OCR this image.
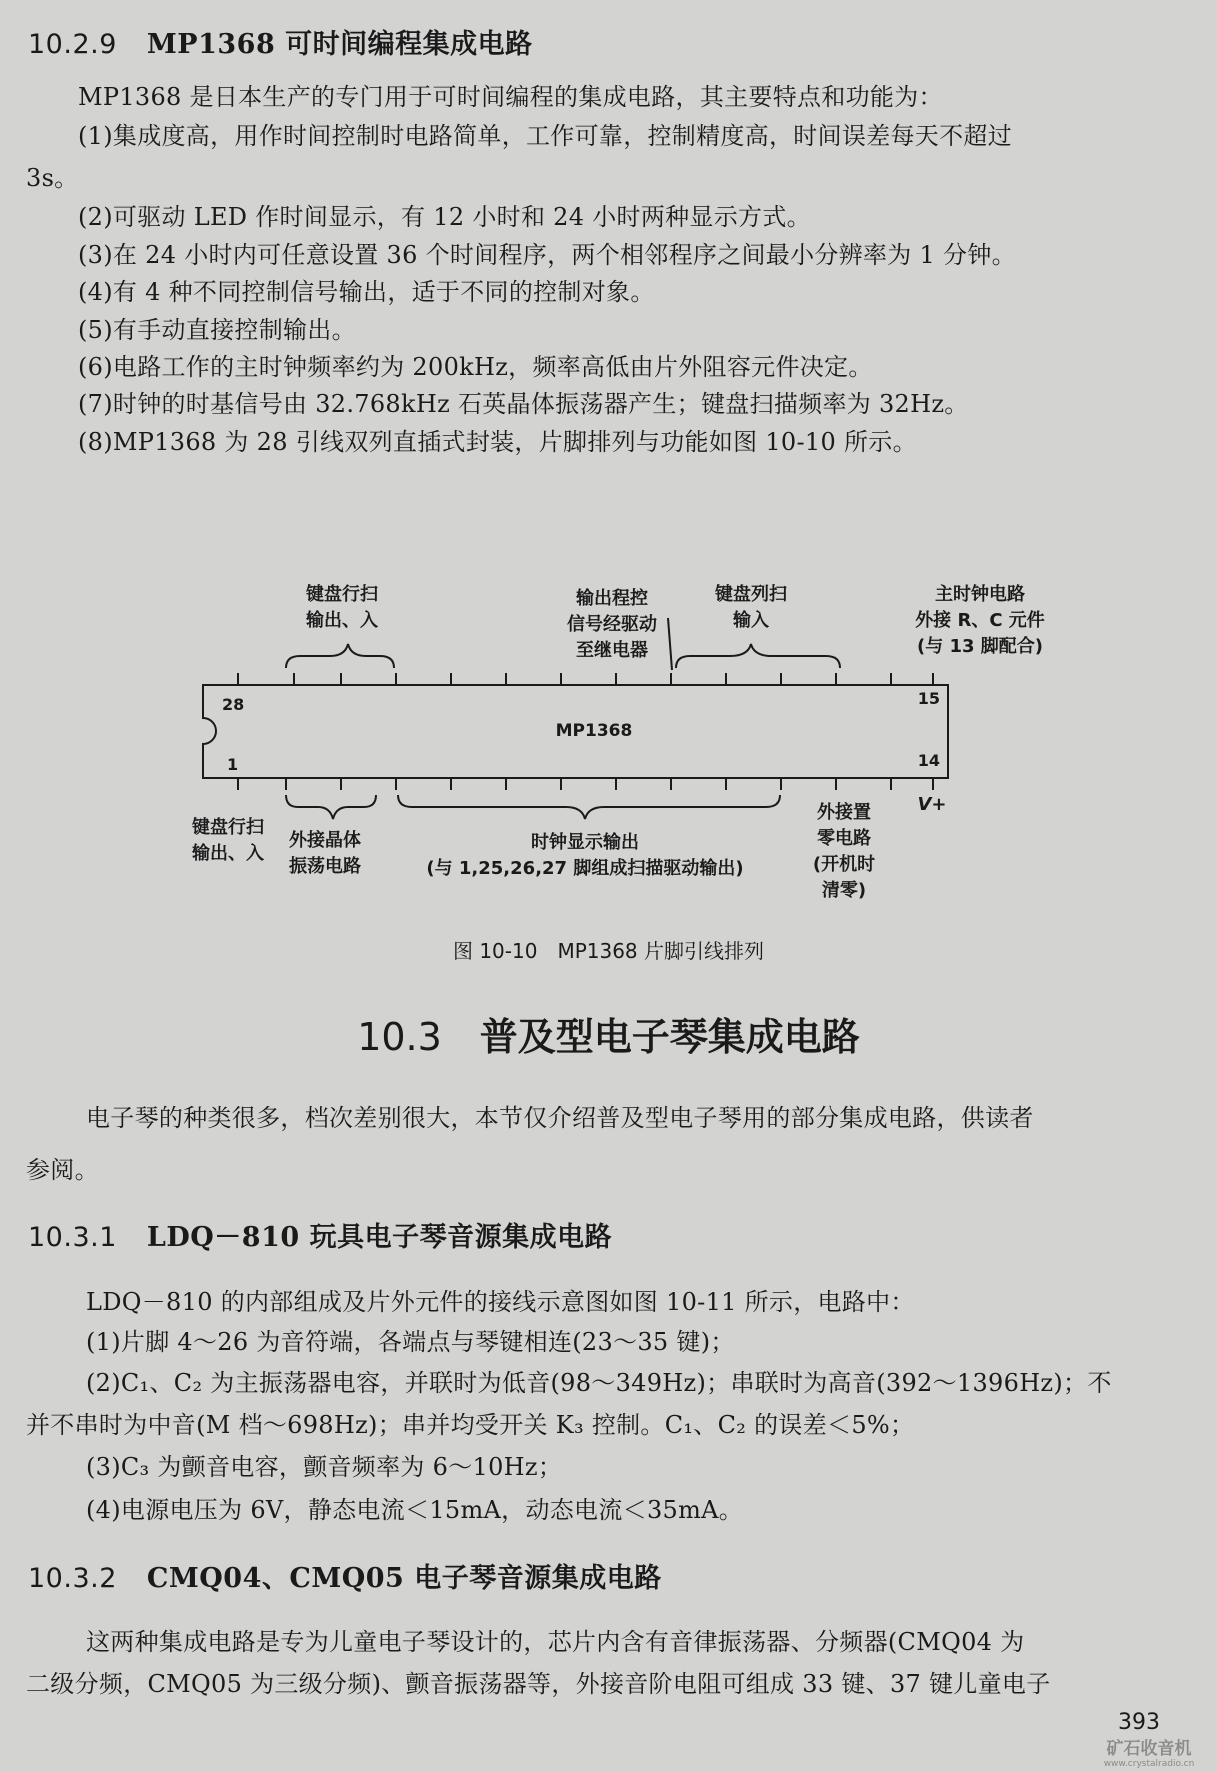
10.2.9 MP1368 可时间编程集成电路
MP1368 是日本生产的专门用于可时间编程的集成电路，其主要特点和功能为：
(1)集成度高，用作时间控制时电路简单，工作可靠，控制精度高，时间误差每天不超过
3s。
(2)可驱动 LED 作时间显示，有 12 小时和 24 小时两种显示方式。
(3)在 24 小时内可任意设置 36 个时间程序，两个相邻程序之间最小分辨率为 1 分钟。
(4)有 4 种不同控制信号输出，适于不同的控制对象。
(5)有手动直接控制输出。
(6)电路工作的主时钟频率约为 200kHz，频率高低由片外阻容元件决定。
(7)时钟的时基信号由 32.768kHz 石英晶体振荡器产生；键盘扫描频率为 32Hz。
(8)MP1368 为 28 引线双列直插式封装，片脚排列与功能如图 10-10 所示。
键盘行扫
输出、入
输出程控
信号经驱动
至继电器
键盘列扫
输入
主时钟电路
外接 R、C 元件
(与 13 脚配合)
28	15
MP1368
1	14
键盘行扫
输出、入
外接晶体
振荡电路
时钟显示输出
(与 1,25,26,27 脚组成扫描驱动输出)
外接置
零电路
(开机时
清零)
V+
图 10-10　MP1368 片脚引线排列
10.3 普及型电子琴集成电路
电子琴的种类很多，档次差别很大，本节仅介绍普及型电子琴用的部分集成电路，供读者
参阅。
10.3.1 LDQ－810 玩具电子琴音源集成电路
LDQ－810 的内部组成及片外元件的接线示意图如图 10-11 所示，电路中：
(1)片脚 4～26 为音符端，各端点与琴键相连(23～35 键)；
(2)C₁、C₂ 为主振荡器电容，并联时为低音(98～349Hz)；串联时为高音(392～1396Hz)；不
并不串时为中音(M 档～698Hz)；串并均受开关 K₃ 控制。C₁、C₂ 的误差＜5%；
(3)C₃ 为颤音电容，颤音频率为 6～10Hz；
(4)电源电压为 6V，静态电流＜15mA，动态电流＜35mA。
10.3.2 CMQ04、CMQ05 电子琴音源集成电路
这两种集成电路是专为儿童电子琴设计的，芯片内含有音律振荡器、分频器(CMQ04 为
二级分频，CMQ05 为三级分频)、颤音振荡器等，外接音阶电阻可组成 33 键、37 键儿童电子
393
矿石收音机
www.crystalradio.cn
